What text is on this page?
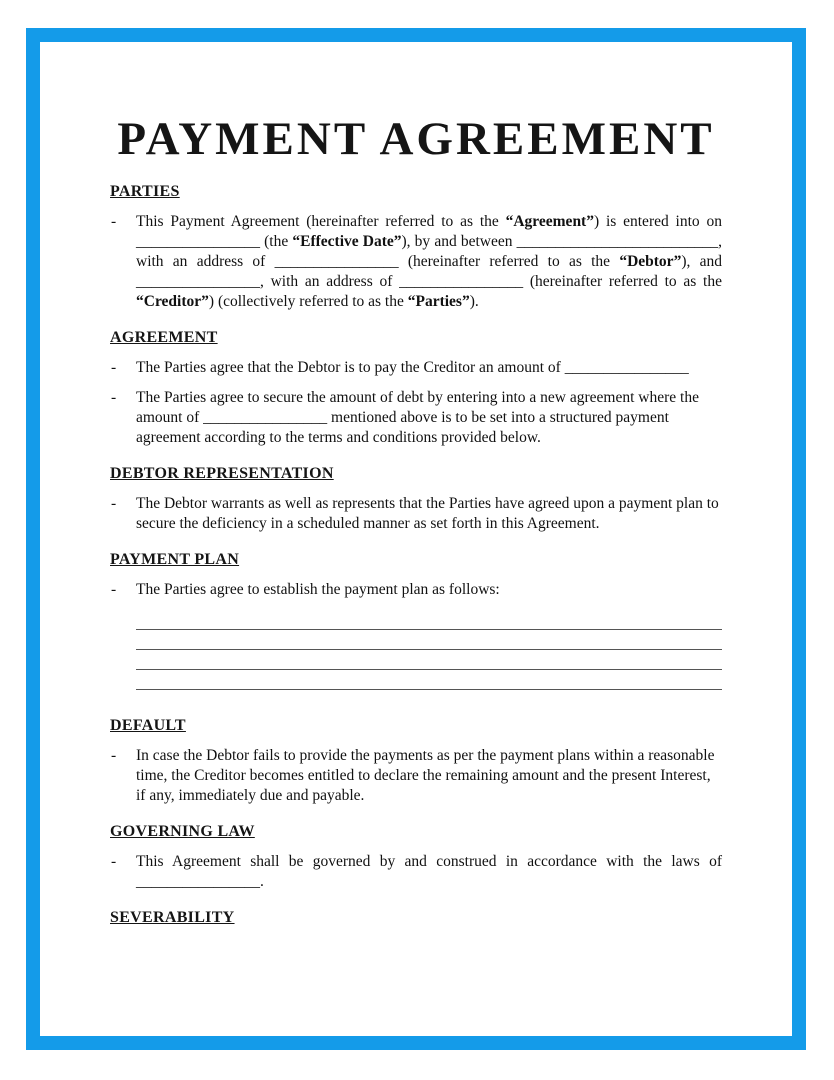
PAYMENT AGREEMENT
PARTIES
- This Payment Agreement (hereinafter referred to as the “Agreement”) is entered into on ________________ (the “Effective Date”), by and between __________________________, with an address of ________________ (hereinafter referred to as the “Debtor”), and ________________, with an address of ________________ (hereinafter referred to as the “Creditor”) (collectively referred to as the “Parties”).
AGREEMENT
- The Parties agree that the Debtor is to pay the Creditor an amount of ________________
- The Parties agree to secure the amount of debt by entering into a new agreement where the amount of ________________ mentioned above is to be set into a structured payment agreement according to the terms and conditions provided below.
DEBTOR REPRESENTATION
- The Debtor warrants as well as represents that the Parties have agreed upon a payment plan to secure the deficiency in a scheduled manner as set forth in this Agreement.
PAYMENT PLAN
- The Parties agree to establish the payment plan as follows:
DEFAULT
- In case the Debtor fails to provide the payments as per the payment plans within a reasonable time, the Creditor becomes entitled to declare the remaining amount and the present Interest, if any, immediately due and payable.
GOVERNING LAW
- This Agreement shall be governed by and construed in accordance with the laws of ________________.
SEVERABILITY
